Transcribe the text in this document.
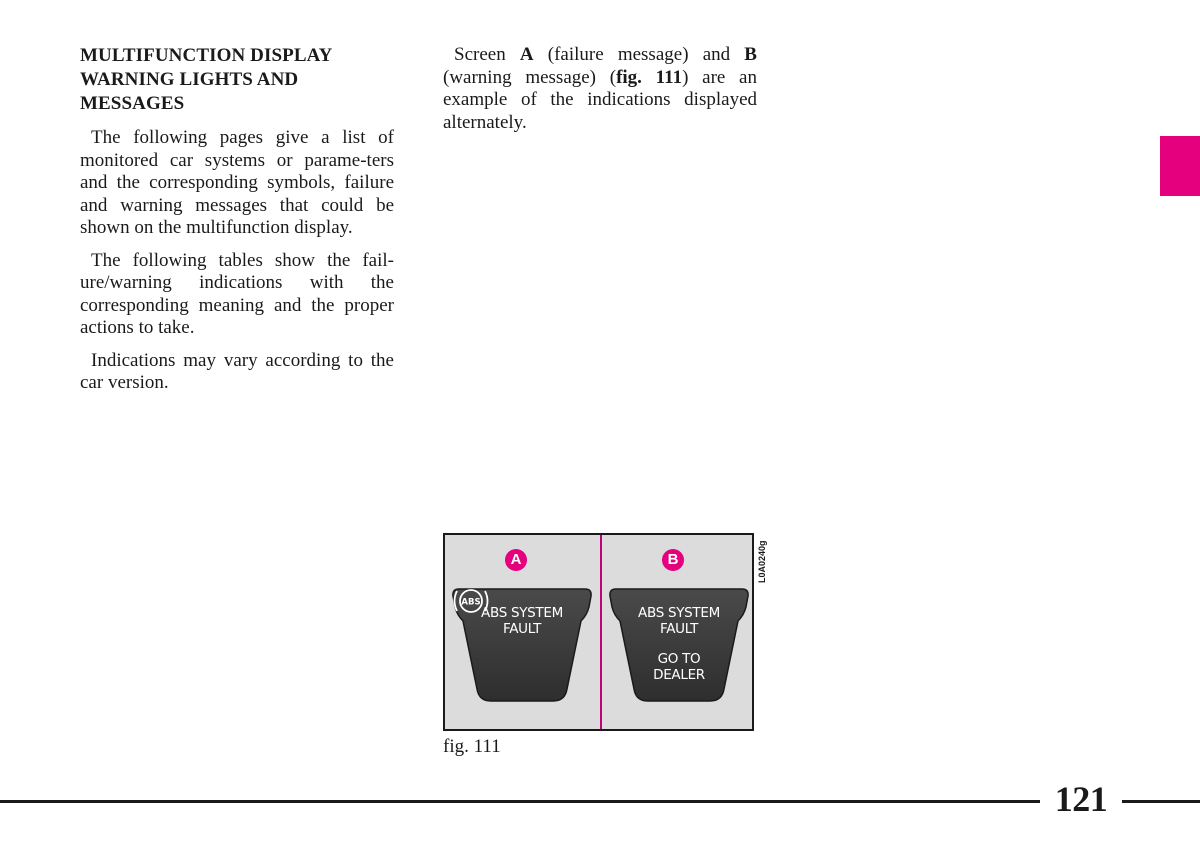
MULTIFUNCTION DISPLAY
WARNING LIGHTS AND
MESSAGES

The following pages give a list of monitored car systems or parame-ters and the corresponding symbols, failure and warning messages that could be shown on the multifunction display.

The following tables show the fail-ure/warning indications with the corresponding meaning and the proper actions to take.

Indications may vary according to the car version.

Screen A (failure message) and B (warning message) (fig. 111) are an example of the indications displayed alternately.

A
ABS SYSTEM
FAULT
ABS
B
ABS SYSTEM
FAULT
GO TO
DEALER
L0A0240g
fig. 111
121
